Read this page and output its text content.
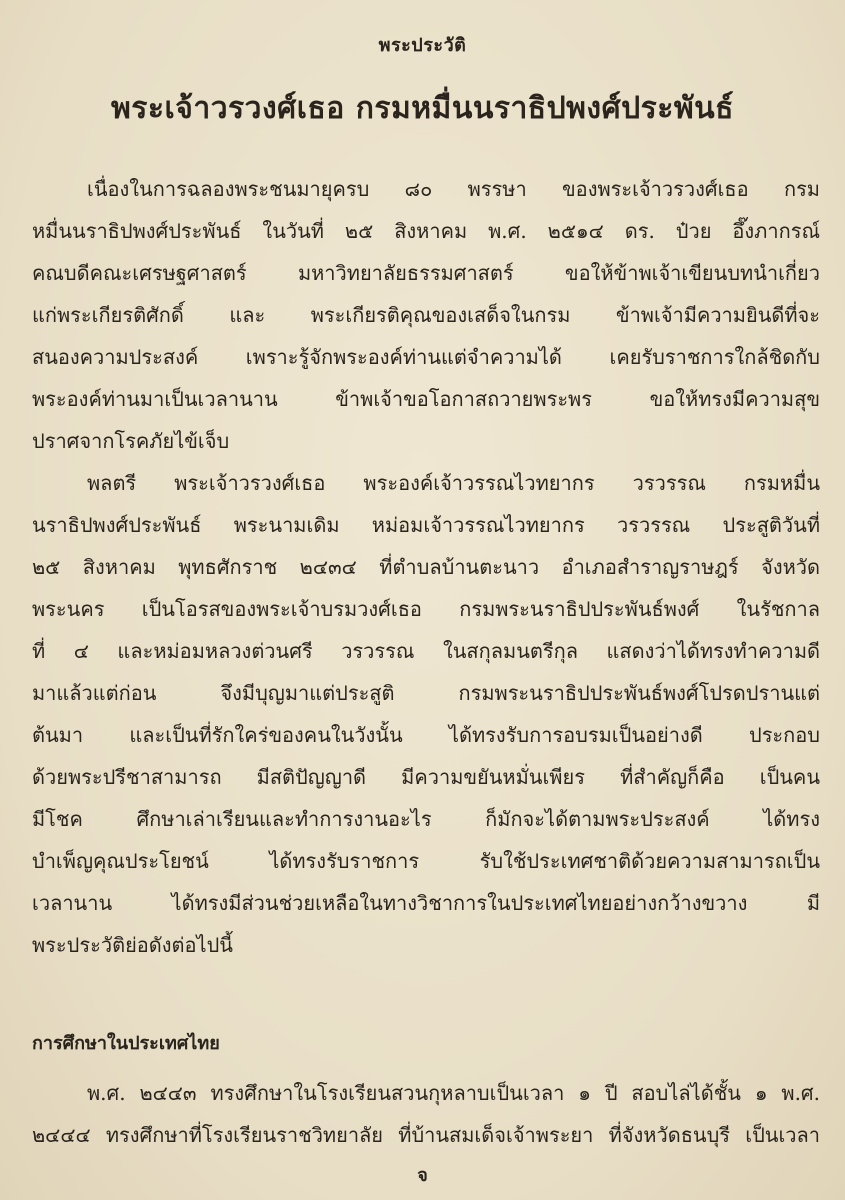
พระประวัติ
พระเจ้าวรวงศ์เธอ กรมหมื่นนราธิปพงศ์ประพันธ์
เนื่องในการฉลองพระชนมายุครบ ๘๐ พรรษา ของพระเจ้าวรวงศ์เธอ กรม
หมื่นนราธิปพงศ์ประพันธ์ ในวันที่ ๒๕ สิงหาคม พ.ศ. ๒๕๑๔ ดร. ป๋วย อึ๊งภากรณ์
คณบดีคณะเศรษฐศาสตร์ มหาวิทยาลัยธรรมศาสตร์ ขอให้ข้าพเจ้าเขียนบทนำเกี่ยว
แก่พระเกียรติศักดิ์ และ พระเกียรติคุณของเสด็จในกรม ข้าพเจ้ามีความยินดีที่จะ
สนองความประสงค์ เพราะรู้จักพระองค์ท่านแต่จำความได้ เคยรับราชการใกล้ชิดกับ
พระองค์ท่านมาเป็นเวลานาน ข้าพเจ้าขอโอกาสถวายพระพร ขอให้ทรงมีความสุข
ปราศจากโรคภัยไข้เจ็บ
พลตรี พระเจ้าวรวงศ์เธอ พระองค์เจ้าวรรณไวทยากร วรวรรณ กรมหมื่น
นราธิปพงศ์ประพันธ์ พระนามเดิม หม่อมเจ้าวรรณไวทยากร วรวรรณ ประสูติวันที่
๒๕ สิงหาคม พุทธศักราช ๒๔๓๔ ที่ตำบลบ้านตะนาว อำเภอสำราญราษฎร์ จังหวัด
พระนคร เป็นโอรสของพระเจ้าบรมวงศ์เธอ กรมพระนราธิปประพันธ์พงศ์ ในรัชกาล
ที่ ๔ และหม่อมหลวงต่วนศรี วรวรรณ ในสกุลมนตรีกุล แสดงว่าได้ทรงทำความดี
มาแล้วแต่ก่อน จึงมีบุญมาแต่ประสูติ กรมพระนราธิปประพันธ์พงศ์โปรดปรานแต่
ต้นมา และเป็นที่รักใคร่ของคนในวังนั้น ได้ทรงรับการอบรมเป็นอย่างดี ประกอบ
ด้วยพระปรีชาสามารถ มีสติปัญญาดี มีความขยันหมั่นเพียร ที่สำคัญก็คือ เป็นคน
มีโชค ศึกษาเล่าเรียนและทำการงานอะไร ก็มักจะได้ตามพระประสงค์ ได้ทรง
บำเพ็ญคุณประโยชน์ ได้ทรงรับราชการ รับใช้ประเทศชาติด้วยความสามารถเป็น
เวลานาน ได้ทรงมีส่วนช่วยเหลือในทางวิชาการในประเทศไทยอย่างกว้างขวาง มี
พระประวัติย่อดังต่อไปนี้
การศึกษาในประเทศไทย
พ.ศ. ๒๔๔๓ ทรงศึกษาในโรงเรียนสวนกุหลาบเป็นเวลา ๑ ปี สอบไล่ได้ชั้น ๑ พ.ศ.
๒๔๔๔ ทรงศึกษาที่โรงเรียนราชวิทยาลัย ที่บ้านสมเด็จเจ้าพระยา ที่จังหวัดธนบุรี เป็นเวลา
จ
